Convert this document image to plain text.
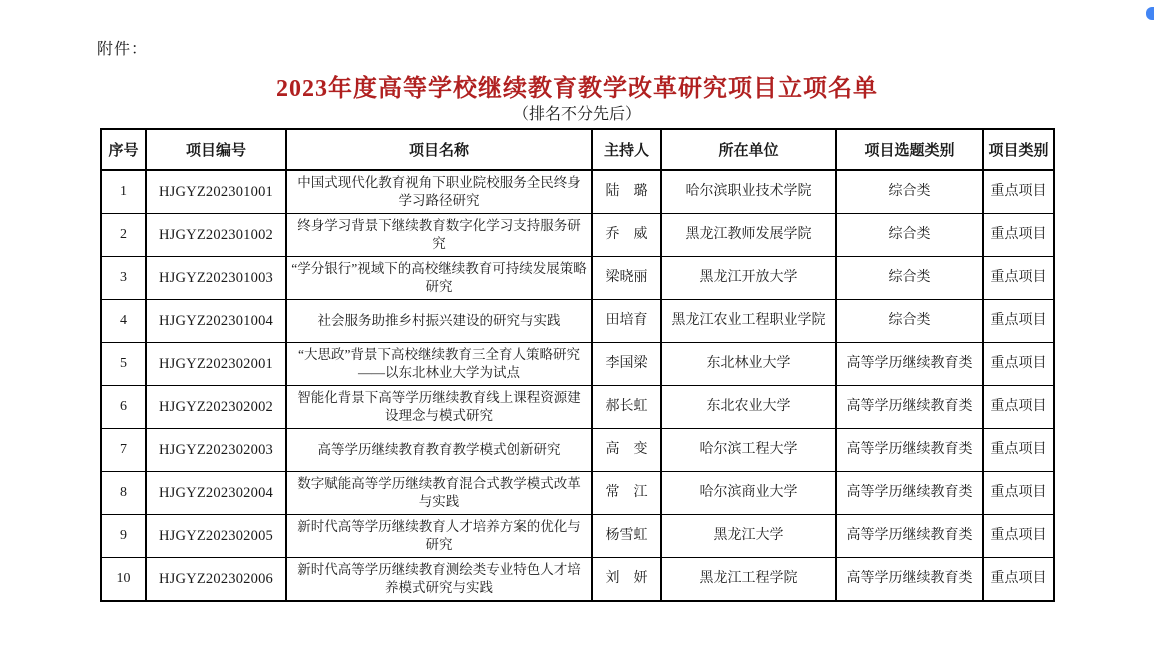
附件：
2023年度高等学校继续教育教学改革研究项目立项名单
（排名不分先后）
序号	项目编号	项目名称	主持人	所在单位	项目选题类别	项目类别
1	HJGYZ202301001	中国式现代化教育视角下职业院校服务全民终身学习路径研究	陆　璐	哈尔滨职业技术学院	综合类	重点项目
2	HJGYZ202301002	终身学习背景下继续教育数字化学习支持服务研究	乔　威	黑龙江教师发展学院	综合类	重点项目
3	HJGYZ202301003	“学分银行”视域下的高校继续教育可持续发展策略研究	梁晓丽	黑龙江开放大学	综合类	重点项目
4	HJGYZ202301004	社会服务助推乡村振兴建设的研究与实践	田培育	黑龙江农业工程职业学院	综合类	重点项目
5	HJGYZ202302001	“大思政”背景下高校继续教育三全育人策略研究——以东北林业大学为试点	李国梁	东北林业大学	高等学历继续教育类	重点项目
6	HJGYZ202302002	智能化背景下高等学历继续教育线上课程资源建设理念与模式研究	郝长虹	东北农业大学	高等学历继续教育类	重点项目
7	HJGYZ202302003	高等学历继续教育教育教学模式创新研究	高　变	哈尔滨工程大学	高等学历继续教育类	重点项目
8	HJGYZ202302004	数字赋能高等学历继续教育混合式教学模式改革与实践	常　江	哈尔滨商业大学	高等学历继续教育类	重点项目
9	HJGYZ202302005	新时代高等学历继续教育人才培养方案的优化与研究	杨雪虹	黑龙江大学	高等学历继续教育类	重点项目
10	HJGYZ202302006	新时代高等学历继续教育测绘类专业特色人才培养模式研究与实践	刘　妍	黑龙江工程学院	高等学历继续教育类	重点项目
